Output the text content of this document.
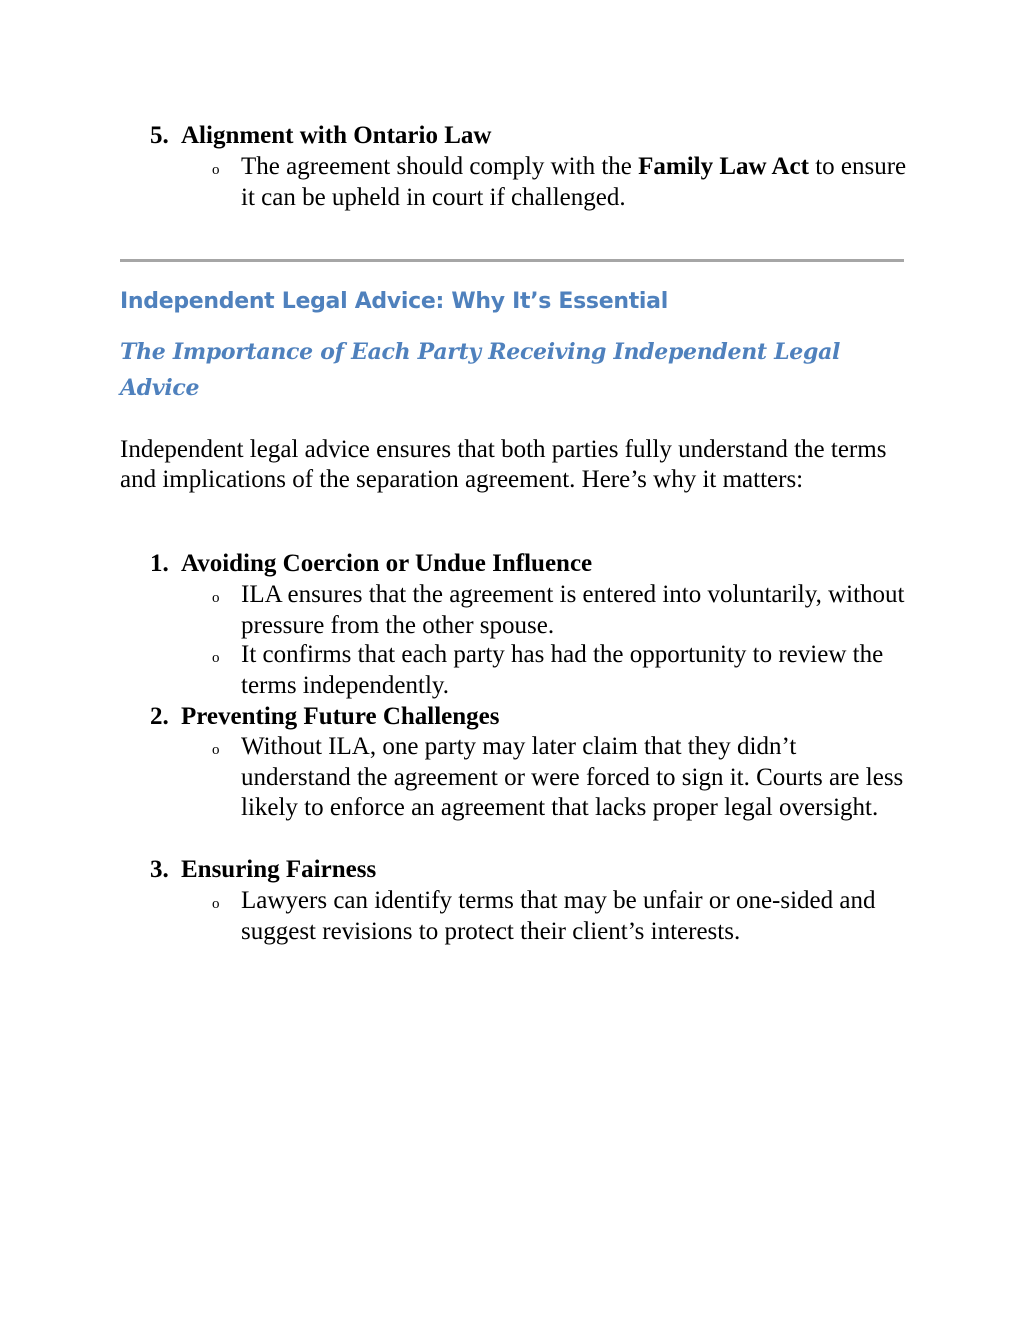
5. Alignment with Ontario Law
o The agreement should comply with the Family Law Act to ensure it can be upheld in court if challenged.
Independent Legal Advice: Why It’s Essential
The Importance of Each Party Receiving Independent Legal Advice
Independent legal advice ensures that both parties fully understand the terms and implications of the separation agreement. Here’s why it matters:
1. Avoiding Coercion or Undue Influence
o ILA ensures that the agreement is entered into voluntarily, without pressure from the other spouse.
o It confirms that each party has had the opportunity to review the terms independently.
2. Preventing Future Challenges
o Without ILA, one party may later claim that they didn’t understand the agreement or were forced to sign it. Courts are less likely to enforce an agreement that lacks proper legal oversight.
3. Ensuring Fairness
o Lawyers can identify terms that may be unfair or one-sided and suggest revisions to protect their client’s interests.
